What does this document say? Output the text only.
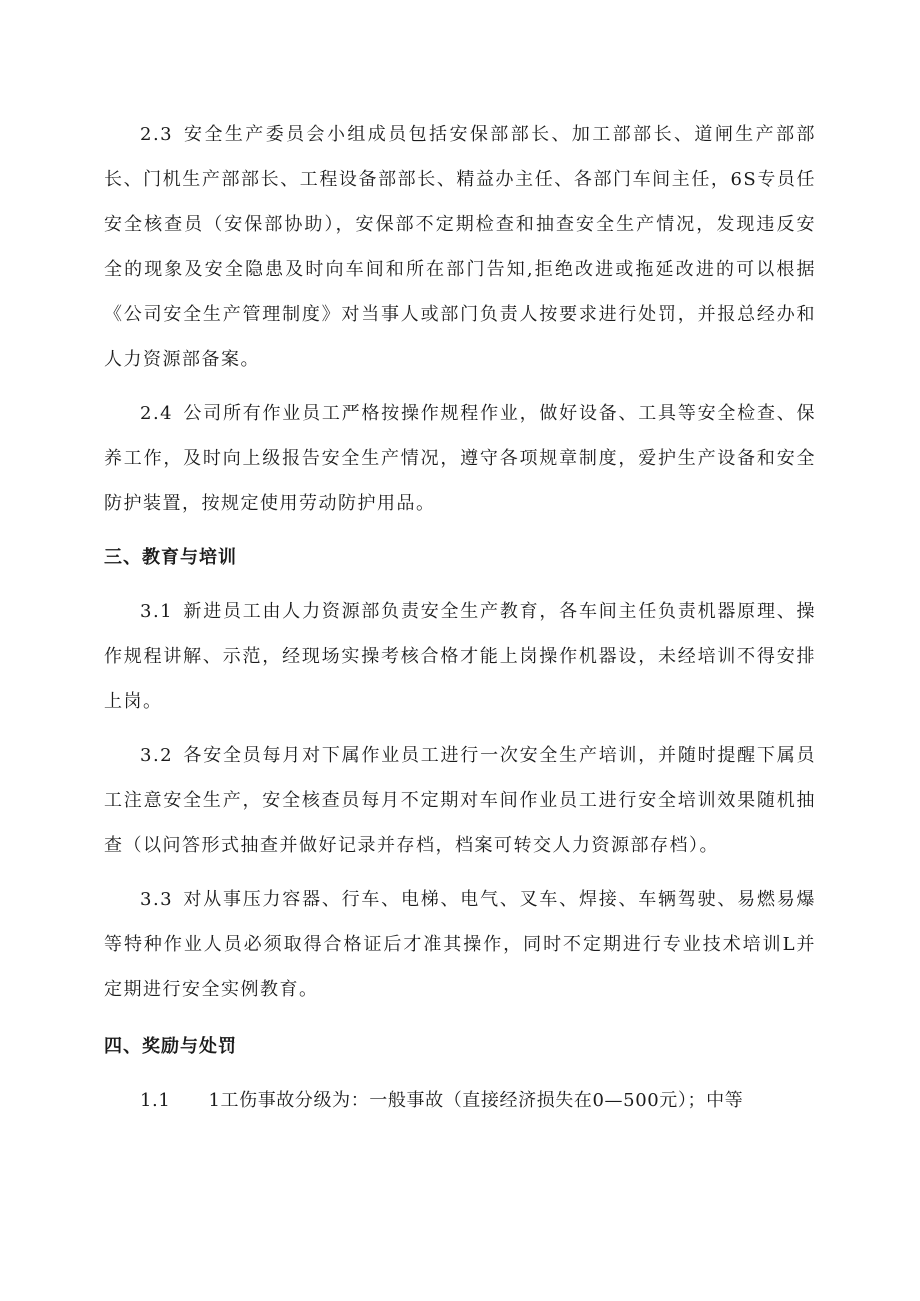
2.3 安全生产委员会小组成员包括安保部部长、加工部部长、道闸生产部部长、门机生产部部长、工程设备部部长、精益办主任、各部门车间主任，6S专员任安全核查员（安保部协助），安保部不定期检查和抽查安全生产情况，发现违反安全的现象及安全隐患及时向车间和所在部门告知,拒绝改进或拖延改进的可以根据《公司安全生产管理制度》对当事人或部门负责人按要求进行处罚，并报总经办和人力资源部备案。

2.4 公司所有作业员工严格按操作规程作业，做好设备、工具等安全检查、保养工作，及时向上级报告安全生产情况，遵守各项规章制度，爱护生产设备和安全防护装置，按规定使用劳动防护用品。

三、教育与培训

3.1 新进员工由人力资源部负责安全生产教育，各车间主任负责机器原理、操作规程讲解、示范，经现场实操考核合格才能上岗操作机器设，未经培训不得安排上岗。

3.2 各安全员每月对下属作业员工进行一次安全生产培训，并随时提醒下属员工注意安全生产，安全核查员每月不定期对车间作业员工进行安全培训效果随机抽查（以问答形式抽查并做好记录并存档，档案可转交人力资源部存档）。

3.3 对从事压力容器、行车、电梯、电气、叉车、焊接、车辆驾驶、易燃易爆等特种作业人员必须取得合格证后才准其操作，同时不定期进行专业技术培训L并定期进行安全实例教育。

四、奖励与处罚

1.1 1工伤事故分级为：一般事故（直接经济损失在0—500元）；中等
